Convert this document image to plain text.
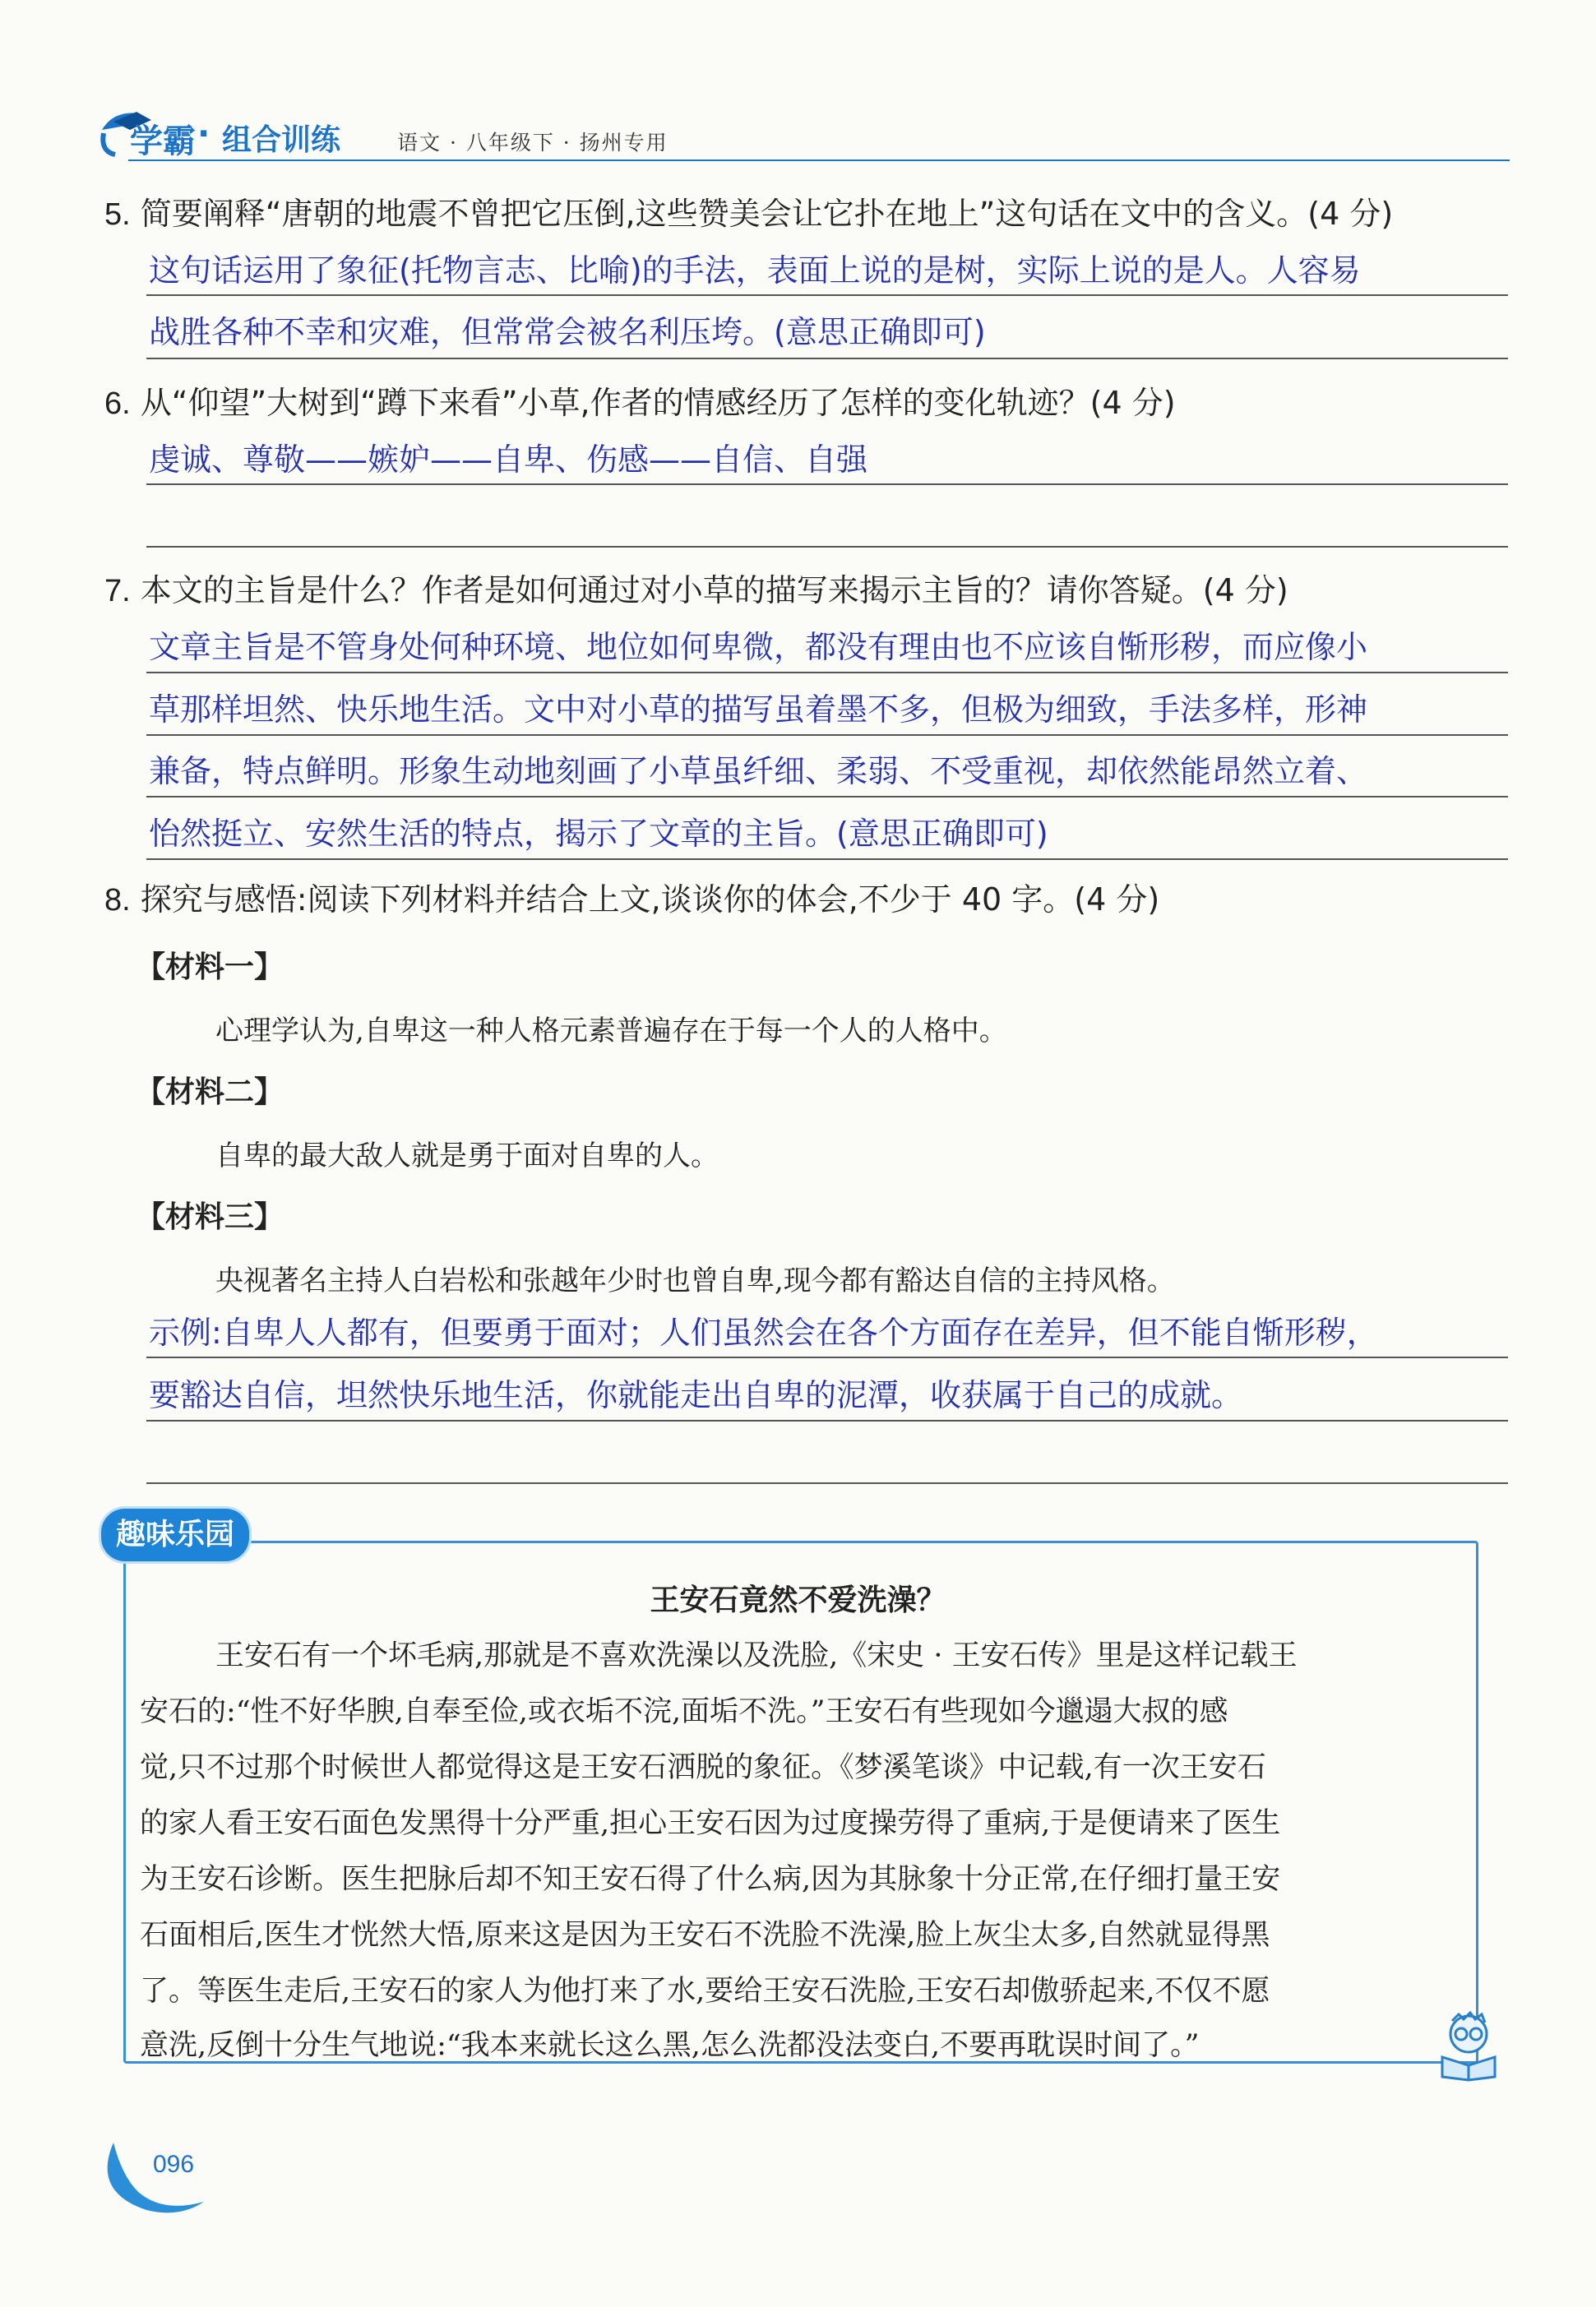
学霸 · 组合训练	语文 · 八年级下 · 扬州专用
5. 简要阐释“唐朝的地震不曾把它压倒,这些赞美会让它扑在地上”这句话在文中的含义。(4 分)
这句话运用了象征(托物言志、比喻)的手法，表面上说的是树，实际上说的是人。人容易
战胜各种不幸和灾难，但常常会被名利压垮。(意思正确即可)
6. 从“仰望”大树到“蹲下来看”小草,作者的情感经历了怎样的变化轨迹？(4 分)
虔诚、尊敬——嫉妒——自卑、伤感——自信、自强
7. 本文的主旨是什么？作者是如何通过对小草的描写来揭示主旨的？请你答疑。(4 分)
文章主旨是不管身处何种环境、地位如何卑微，都没有理由也不应该自惭形秽，而应像小
草那样坦然、快乐地生活。文中对小草的描写虽着墨不多，但极为细致，手法多样，形神
兼备，特点鲜明。形象生动地刻画了小草虽纤细、柔弱、不受重视，却依然能昂然立着、
怡然挺立、安然生活的特点，揭示了文章的主旨。(意思正确即可)
8. 探究与感悟:阅读下列材料并结合上文,谈谈你的体会,不少于 40 字。(4 分)
【材料一】
心理学认为,自卑这一种人格元素普遍存在于每一个人的人格中。
【材料二】
自卑的最大敌人就是勇于面对自卑的人。
【材料三】
央视著名主持人白岩松和张越年少时也曾自卑,现今都有豁达自信的主持风格。
示例:自卑人人都有，但要勇于面对；人们虽然会在各个方面存在差异，但不能自惭形秽，
要豁达自信，坦然快乐地生活，你就能走出自卑的泥潭，收获属于自己的成就。
趣味乐园
王安石竟然不爱洗澡？
王安石有一个坏毛病,那就是不喜欢洗澡以及洗脸,《宋史 · 王安石传》里是这样记载王
安石的:“性不好华腴,自奉至俭,或衣垢不浣,面垢不洗。”王安石有些现如今邋遢大叔的感
觉,只不过那个时候世人都觉得这是王安石洒脱的象征。《梦溪笔谈》中记载,有一次王安石
的家人看王安石面色发黑得十分严重,担心王安石因为过度操劳得了重病,于是便请来了医生
为王安石诊断。医生把脉后却不知王安石得了什么病,因为其脉象十分正常,在仔细打量王安
石面相后,医生才恍然大悟,原来这是因为王安石不洗脸不洗澡,脸上灰尘太多,自然就显得黑
了。等医生走后,王安石的家人为他打来了水,要给王安石洗脸,王安石却傲骄起来,不仅不愿
意洗,反倒十分生气地说:“我本来就长这么黑,怎么洗都没法变白,不要再耽误时间了。”
096
